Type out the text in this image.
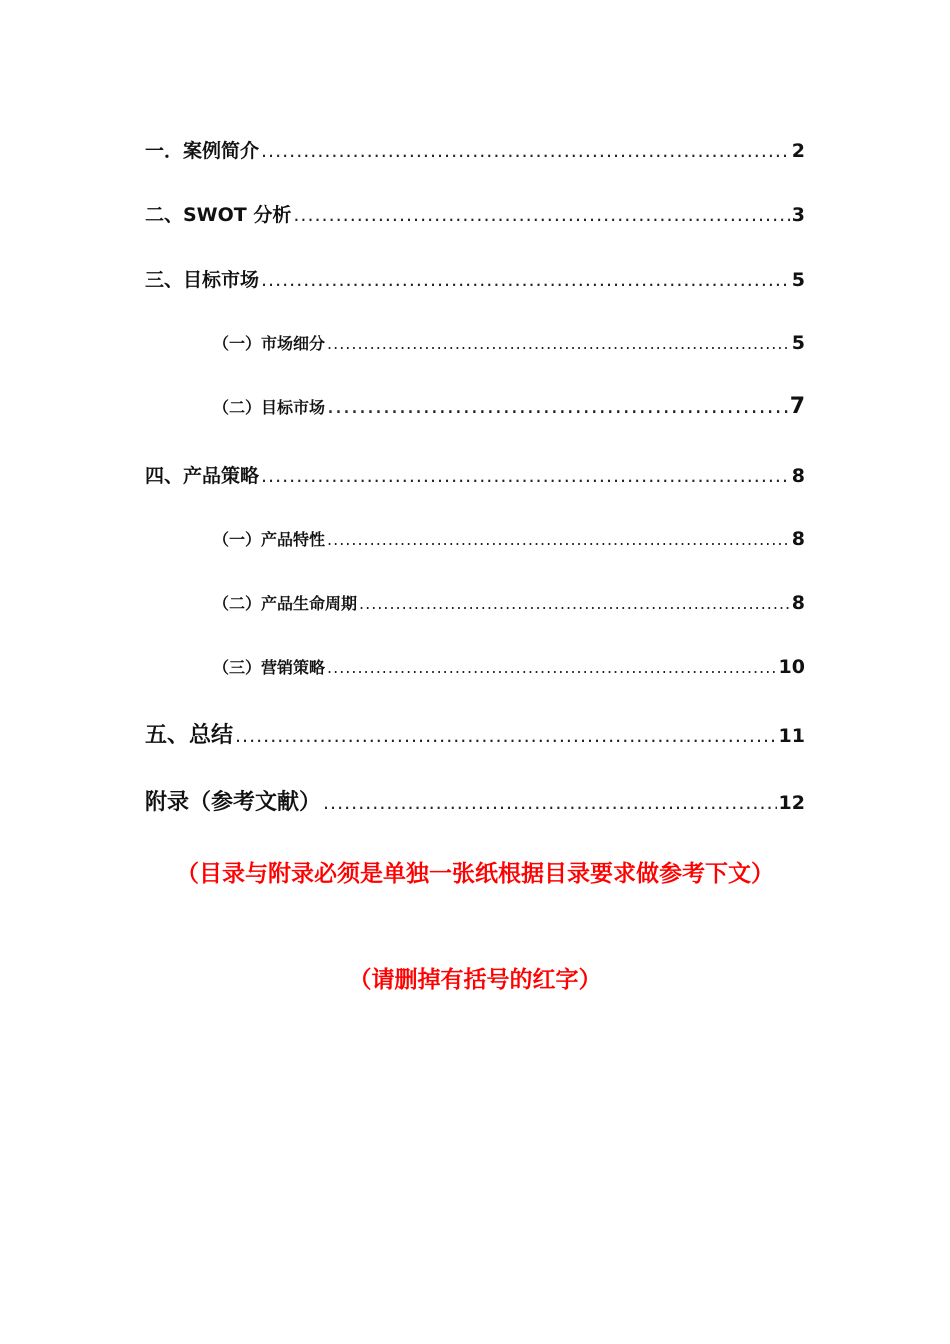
一．案例简介 .....	2
二、SWOT 分析 .....	3
三、目标市场 .....	5
（一）市场细分 .....	5
（二）目标市场 .....	7
四、产品策略 .....	8
（一）产品特性 .....	8
（二）产品生命周期 .....	8
（三）营销策略 .....	10
五、总结 .....	11
附录（参考文献） .....	12
（目录与附录必须是单独一张纸根据目录要求做参考下文）
（请删掉有括号的红字）
